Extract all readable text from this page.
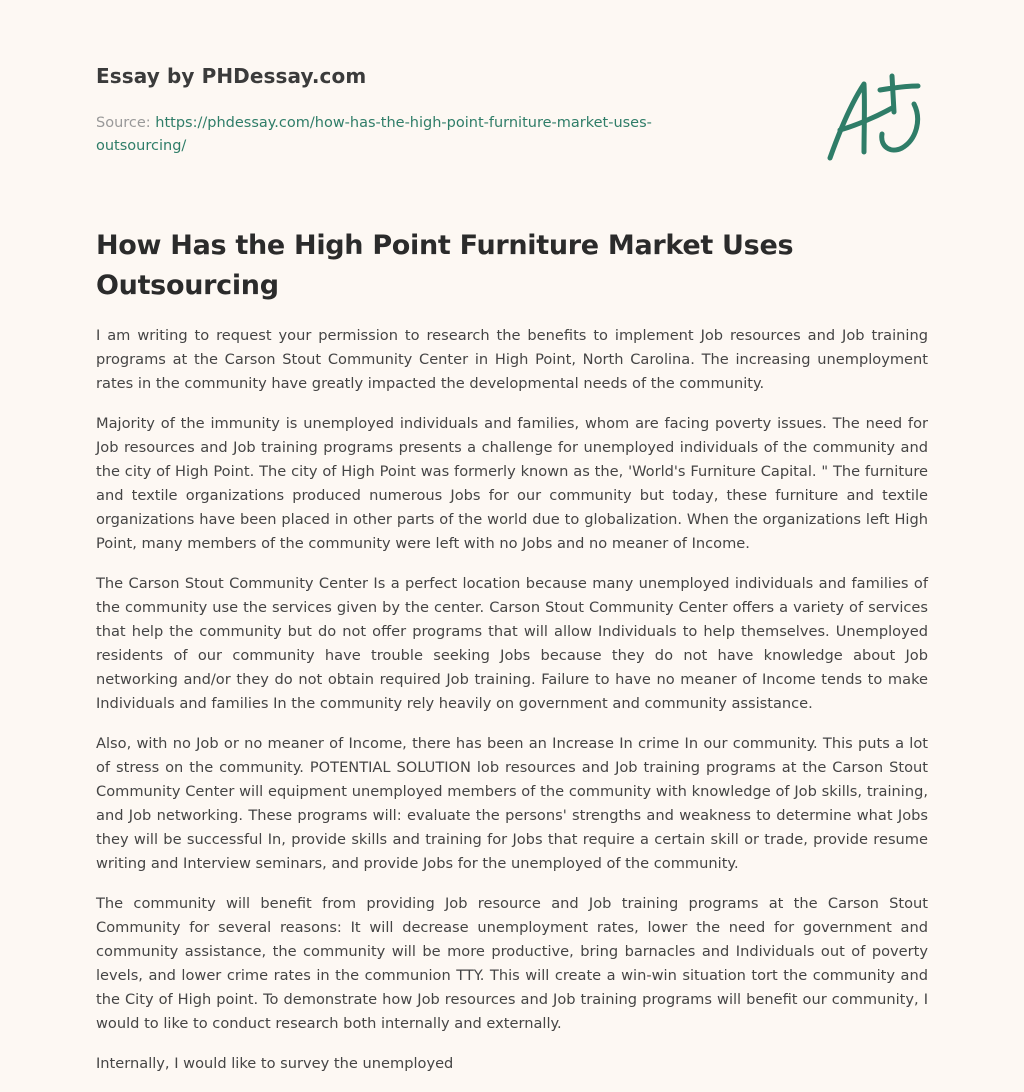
Essay by PHDessay.com
Source: https://phdessay.com/how-has-the-high-point-furniture-market-uses-
outsourcing/
How Has the High Point Furniture Market Uses Outsourcing

I am writing to request your permission to research the benefits to implement Job resources and Job training programs at the Carson Stout Community Center in High Point, North Carolina. The increasing unemployment rates in the community have greatly impacted the developmental needs of the community.

Majority of the immunity is unemployed individuals and families, whom are facing poverty issues. The need for Job resources and Job training programs presents a challenge for unemployed individuals of the community and the city of High Point. The city of High Point was formerly known as the, 'World's Furniture Capital. " The furniture and textile organizations produced numerous Jobs for our community but today, these furniture and textile organizations have been placed in other parts of the world due to globalization. When the organizations left High Point, many members of the community were left with no Jobs and no meaner of Income.

The Carson Stout Community Center Is a perfect location because many unemployed individuals and families of the community use the services given by the center. Carson Stout Community Center offers a variety of services that help the community but do not offer programs that will allow Individuals to help themselves. Unemployed residents of our community have trouble seeking Jobs because they do not have knowledge about Job networking and/or they do not obtain required Job training. Failure to have no meaner of Income tends to make Individuals and families In the community rely heavily on government and community assistance.

Also, with no Job or no meaner of Income, there has been an Increase In crime In our community. This puts a lot of stress on the community. POTENTIAL SOLUTION lob resources and Job training programs at the Carson Stout Community Center will equipment unemployed members of the community with knowledge of Job skills, training, and Job networking. These programs will: evaluate the persons' strengths and weakness to determine what Jobs they will be successful In, provide skills and training for Jobs that require a certain skill or trade, provide resume writing and Interview seminars, and provide Jobs for the unemployed of the community.

The community will benefit from providing Job resource and Job training programs at the Carson Stout Community for several reasons: It will decrease unemployment rates, lower the need for government and community assistance, the community will be more productive, bring barnacles and Individuals out of poverty levels, and lower crime rates in the communion TTY. This will create a win-win situation tort the community and the City of High point. To demonstrate how Job resources and Job training programs will benefit our community, I would to like to conduct research both internally and externally.

Internally, I would like to survey the unemployed
